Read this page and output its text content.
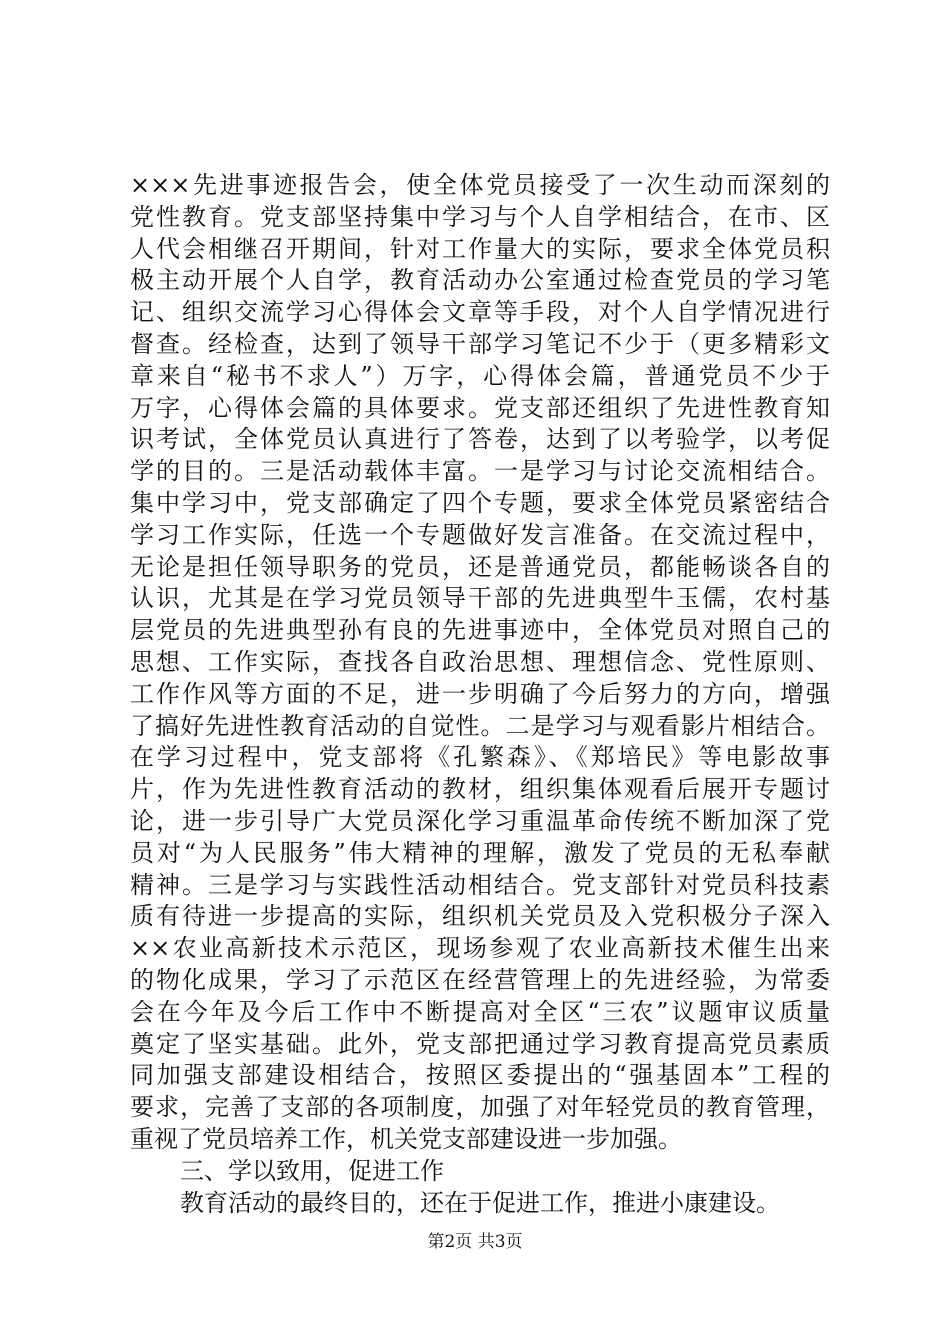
×××先进事迹报告会，使全体党员接受了一次生动而深刻的
党性教育。党支部坚持集中学习与个人自学相结合，在市、区
人代会相继召开期间，针对工作量大的实际，要求全体党员积
极主动开展个人自学，教育活动办公室通过检查党员的学习笔
记、组织交流学习心得体会文章等手段，对个人自学情况进行
督查。经检查，达到了领导干部学习笔记不少于（更多精彩文
章来自“秘书不求人”）万字，心得体会篇，普通党员不少于
万字，心得体会篇的具体要求。党支部还组织了先进性教育知
识考试，全体党员认真进行了答卷，达到了以考验学，以考促
学的目的。三是活动载体丰富。一是学习与讨论交流相结合。
集中学习中，党支部确定了四个专题，要求全体党员紧密结合
学习工作实际，任选一个专题做好发言准备。在交流过程中，
无论是担任领导职务的党员，还是普通党员，都能畅谈各自的
认识，尤其是在学习党员领导干部的先进典型牛玉儒，农村基
层党员的先进典型孙有良的先进事迹中，全体党员对照自己的
思想、工作实际，查找各自政治思想、理想信念、党性原则、
工作作风等方面的不足，进一步明确了今后努力的方向，增强
了搞好先进性教育活动的自觉性。二是学习与观看影片相结合。
在学习过程中，党支部将《孔繁森》、《郑培民》等电影故事
片，作为先进性教育活动的教材，组织集体观看后展开专题讨
论，进一步引导广大党员深化学习重温革命传统不断加深了党
员对“为人民服务”伟大精神的理解，激发了党员的无私奉献
精神。三是学习与实践性活动相结合。党支部针对党员科技素
质有待进一步提高的实际，组织机关党员及入党积极分子深入
××农业高新技术示范区，现场参观了农业高新技术催生出来
的物化成果，学习了示范区在经营管理上的先进经验，为常委
会在今年及今后工作中不断提高对全区“三农”议题审议质量
奠定了坚实基础。此外，党支部把通过学习教育提高党员素质
同加强支部建设相结合，按照区委提出的“强基固本”工程的
要求，完善了支部的各项制度，加强了对年轻党员的教育管理，
重视了党员培养工作，机关党支部建设进一步加强。
三、学以致用，促进工作
教育活动的最终目的，还在于促进工作，推进小康建设。
第2页 共3页
